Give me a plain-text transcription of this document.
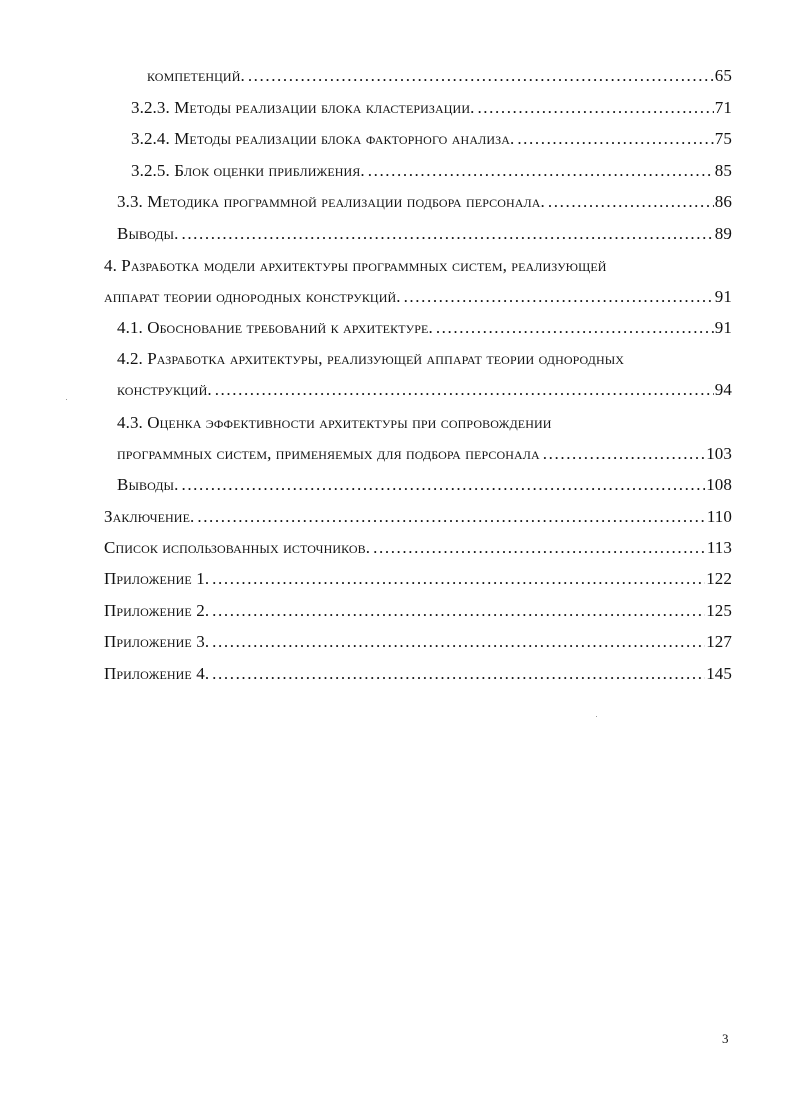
компетенций. .....	65
3.2.3. Методы реализации блока кластеризации. .....	71
3.2.4. Методы реализации блока факторного анализа. .....	75
3.2.5. Блок оценки приближения. .....	85
3.3. Методика программной реализации подбора персонала. .....	86
Выводы. .....	89
4. Разработка модели архитектуры программных систем, реализующей
аппарат теории однородных конструкций. .....	91
4.1. Обоснование требований к архитектуре. .....	91
4.2. Разработка архитектуры, реализующей аппарат теории однородных
конструкций. .....	94
4.3. Оценка эффективности архитектуры при сопровождении
программных систем, применяемых для подбора персонала .....	103
Выводы. .....	108
Заключение. .....	110
Список использованных источников. .....	113
Приложение 1. .....	122
Приложение 2. .....	125
Приложение 3. .....	127
Приложение 4. .....	145
3
